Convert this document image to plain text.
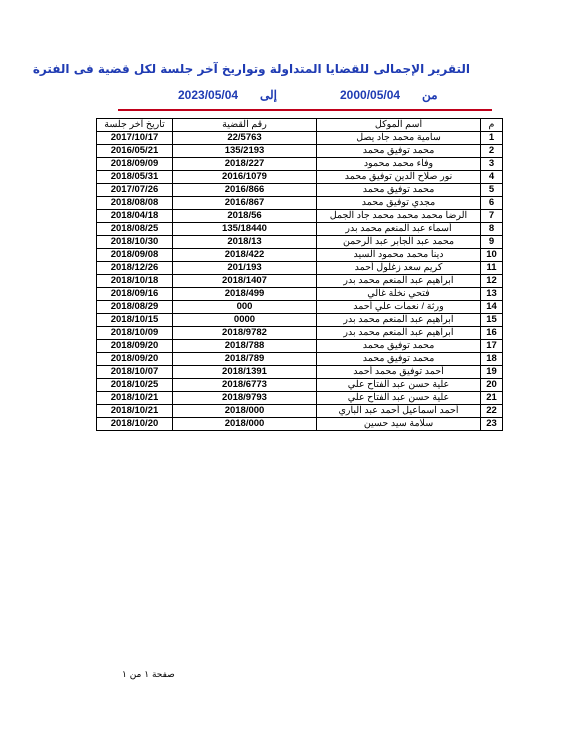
التقرير الإجمالى للقضايا المتداولة وتواريخ آخر جلسة لكل قضية فى الفترة
2023/05/04 إلى	2000/05/04 من
م	أسم الموكل	رقم القضية	تاريخ آخر جلسة
1	سامية محمد جاد يصل	22/5763	2017/10/17
2	محمد توفيق محمد	135/2193	2016/05/21
3	وفاء محمد محمود	2018/227	2018/09/09
4	نور صلاح الدين توفيق محمد	2016/1079	2018/05/31
5	محمد توفيق محمد	2016/866	2017/07/26
6	مجدي توفيق محمد	2016/867	2018/08/08
7	الرضا محمد محمد محمد جاد الجمل	2018/56	2018/04/18
8	أسماء عبد المنعم محمد بدر	135/18440	2018/08/25
9	محمد عبد الجابر عبد الرحمن	2018/13	2018/10/30
10	دينا محمد محمود السيد	2018/422	2018/09/08
11	كريم سعد زغلول أحمد	201/193	2018/12/26
12	ابراهيم عبد المنعم محمد بدر	2018/1407	2018/10/18
13	فتحي نخلة غالي	2018/499	2018/09/16
14	ورثة / نعمات علي أحمد	000	2018/08/29
15	ابراهيم عبد المنعم محمد بدر	0000	2018/10/15
16	ابراهيم عبد المنعم محمد بدر	2018/9782	2018/10/09
17	محمد توفيق محمد	2018/788	2018/09/20
18	محمد توفيق محمد	2018/789	2018/09/20
19	أحمد توفيق محمد أحمد	2018/1391	2018/10/07
20	علية حسن عبد الفتاح علي	2018/6773	2018/10/25
21	علية حسن عبد الفتاح علي	2018/9793	2018/10/21
22	أحمد اسماعيل أحمد عبد الباري	2018/000	2018/10/21
23	سلامة سيد حسين	2018/000	2018/10/20
صفحة ١ من ١
